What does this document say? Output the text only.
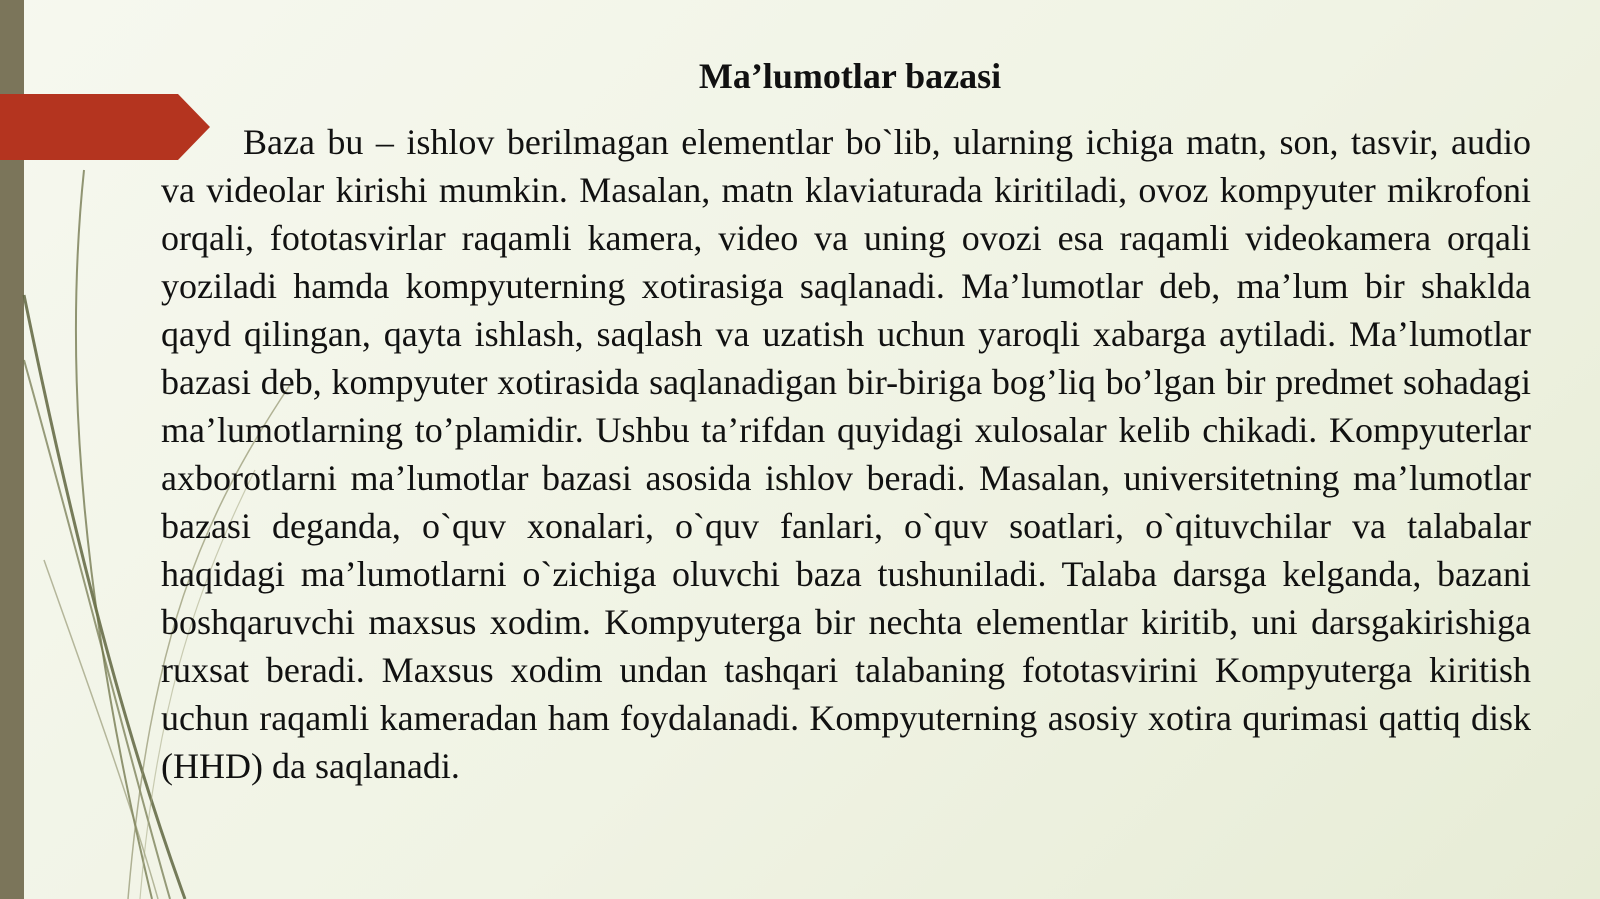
Ma’lumotlar bazasi

Baza bu – ishlov berilmagan elementlar bo`lib, ularning ichiga matn, son, tasvir, audio va videolar kirishi mumkin. Masalan, matn klaviaturada kiritiladi, ovoz kompyuter mikrofoni orqali, fototasvirlar raqamli kamera, video va uning ovozi esa raqamli videokamera orqali yoziladi hamda kompyuterning xotirasiga saqlanadi. Ma’lumotlar deb, ma’lum bir shaklda qayd qilingan, qayta ishlash, saqlash va uzatish uchun yaroqli xabarga aytiladi. Ma’lumotlar bazasi deb, kompyuter xotirasida saqlanadigan bir-biriga bog’liq bo’lgan bir predmet sohadagi ma’lumotlarning to’plamidir. Ushbu ta’rifdan quyidagi xulosalar kelib chikadi. Kompyuterlar axborotlarni ma’lumotlar bazasi asosida ishlov beradi. Masalan, universitetning ma’lumotlar bazasi deganda, o`quv xonalari, o`quv fanlari, o`quv soatlari, o`qituvchilar va talabalar haqidagi ma’lumotlarni o`zichiga oluvchi baza tushuniladi. Talaba darsga kelganda, bazani boshqaruvchi maxsus xodim. Kompyuterga bir nechta elementlar kiritib, uni darsgakirishiga ruxsat beradi. Maxsus xodim undan tashqari talabaning fototasvirini Kompyuterga kiritish uchun raqamli kameradan ham foydalanadi. Kompyuterning asosiy xotira qurimasi qattiq disk (HHD) da saqlanadi.
